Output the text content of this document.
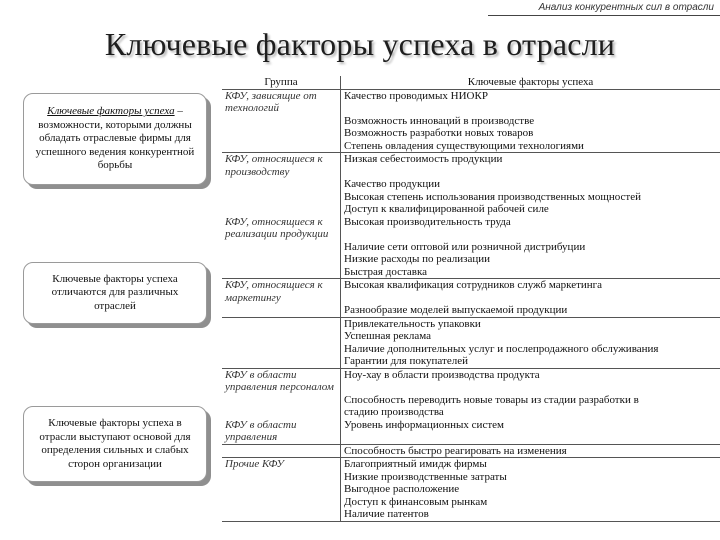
Анализ конкурентных сил в отрасли
Ключевые факторы успеха в отрасли
Ключевые факторы успеха – возможности, которыми должны обладать отраслевые фирмы для успешного ведения конкурентной борьбы
Ключевые факторы успеха отличаются для различных отраслей
Ключевые факторы успеха в отрасли выступают основой для определения сильных и слабых сторон организации
Группа	Ключевые факторы успеха
КФУ, зависящие от технологий	Качество проводимых НИОКР
	Возможность инноваций в производстве
	Возможность разработки новых товаров
	Степень овладения существующими технологиями
КФУ, относящиеся к производству	Низкая себестоимость продукции
	Качество продукции
	Высокая степень использования производственных мощностей
	Доступ к квалифицированной рабочей силе
КФУ, относящиеся к реализации продукции	Высокая производительность труда
	Наличие сети оптовой или розничной дистрибуции
	Низкие расходы по реализации
	Быстрая доставка
КФУ, относящиеся к маркетингу	Высокая квалификация сотрудников служб маркетинга
	Разнообразие моделей выпускаемой продукции
	Привлекательность упаковки
	Успешная реклама
	Наличие дополнительных услуг и послепродажного обслуживания
	Гарантии для покупателей
КФУ в области управления персоналом	Ноу-хау в области производства продукта
	Способность переводить новые товары из стадии разработки в
	стадию производства
КФУ в области управления	Уровень информационных систем
	Способность быстро реагировать на изменения
Прочие КФУ	Благоприятный имидж фирмы
	Низкие производственные затраты
	Выгодное расположение
	Доступ к финансовым рынкам
	Наличие патентов
